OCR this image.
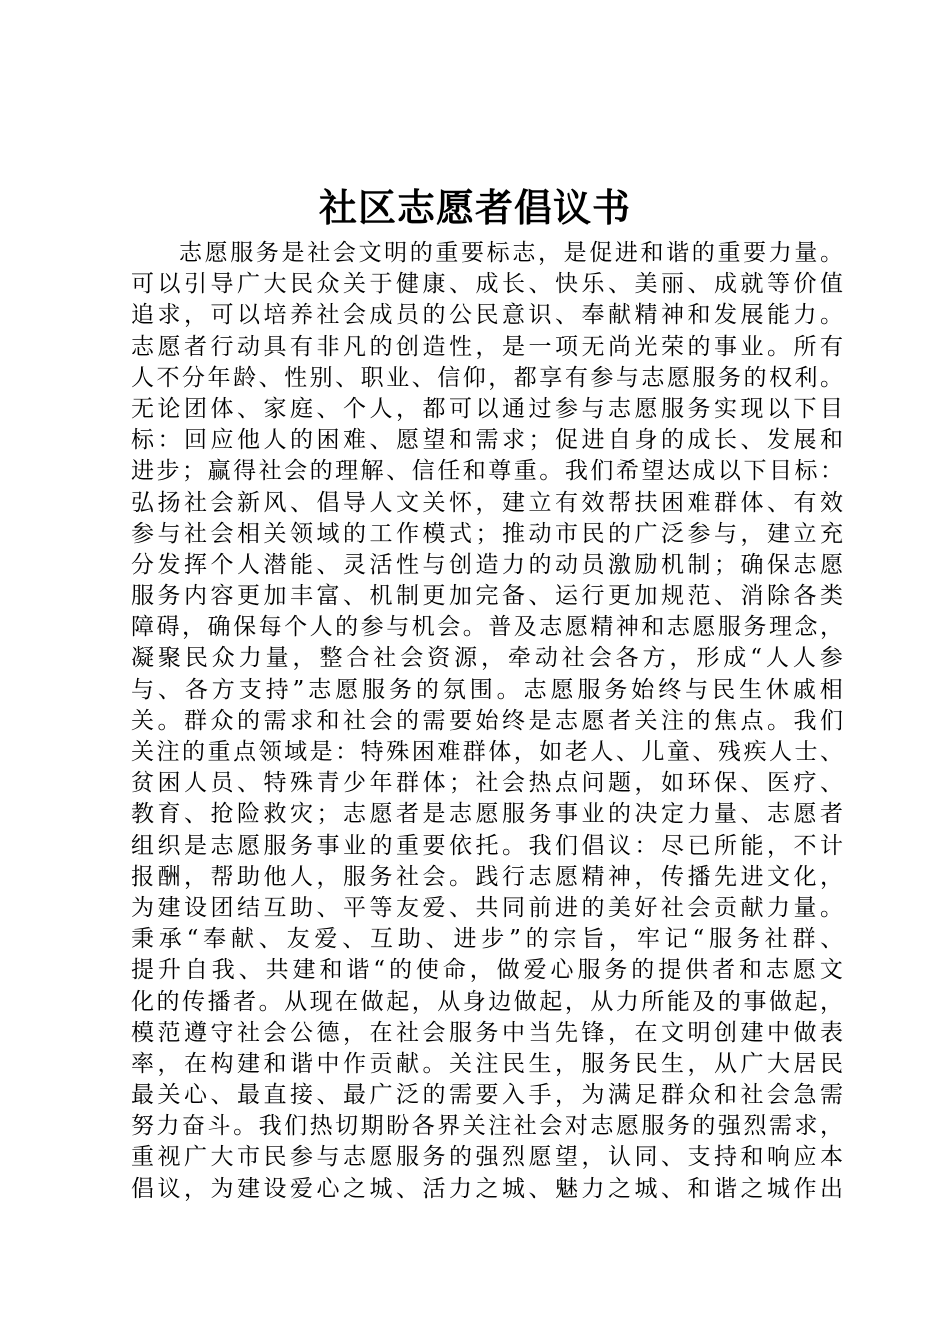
社区志愿者倡议书
志愿服务是社会文明的重要标志，是促进和谐的重要力量。
可以引导广大民众关于健康、成长、快乐、美丽、成就等价值
追求，可以培养社会成员的公民意识、奉献精神和发展能力。
志愿者行动具有非凡的创造性，是一项无尚光荣的事业。所有
人不分年龄、性别、职业、信仰，都享有参与志愿服务的权利。
无论团体、家庭、个人，都可以通过参与志愿服务实现以下目
标：回应他人的困难、愿望和需求；促进自身的成长、发展和
进步；赢得社会的理解、信任和尊重。我们希望达成以下目标：
弘扬社会新风、倡导人文关怀，建立有效帮扶困难群体、有效
参与社会相关领域的工作模式；推动市民的广泛参与，建立充
分发挥个人潜能、灵活性与创造力的动员激励机制；确保志愿
服务内容更加丰富、机制更加完备、运行更加规范、消除各类
障碍，确保每个人的参与机会。普及志愿精神和志愿服务理念，
凝聚民众力量，整合社会资源，牵动社会各方，形成“人人参
与、各方支持”志愿服务的氛围。志愿服务始终与民生休戚相
关。群众的需求和社会的需要始终是志愿者关注的焦点。我们
关注的重点领域是：特殊困难群体，如老人、儿童、残疾人士、
贫困人员、特殊青少年群体；社会热点问题，如环保、医疗、
教育、抢险救灾；志愿者是志愿服务事业的决定力量、志愿者
组织是志愿服务事业的重要依托。我们倡议：尽已所能，不计
报酬，帮助他人，服务社会。践行志愿精神，传播先进文化，
为建设团结互助、平等友爱、共同前进的美好社会贡献力量。
秉承“奉献、友爱、互助、进步”的宗旨，牢记“服务社群、
提升自我、共建和谐“的使命，做爱心服务的提供者和志愿文
化的传播者。从现在做起，从身边做起，从力所能及的事做起，
模范遵守社会公德，在社会服务中当先锋，在文明创建中做表
率，在构建和谐中作贡献。关注民生，服务民生，从广大居民
最关心、最直接、最广泛的需要入手，为满足群众和社会急需
努力奋斗。我们热切期盼各界关注社会对志愿服务的强烈需求，
重视广大市民参与志愿服务的强烈愿望，认同、支持和响应本
倡议，为建设爱心之城、活力之城、魅力之城、和谐之城作出
